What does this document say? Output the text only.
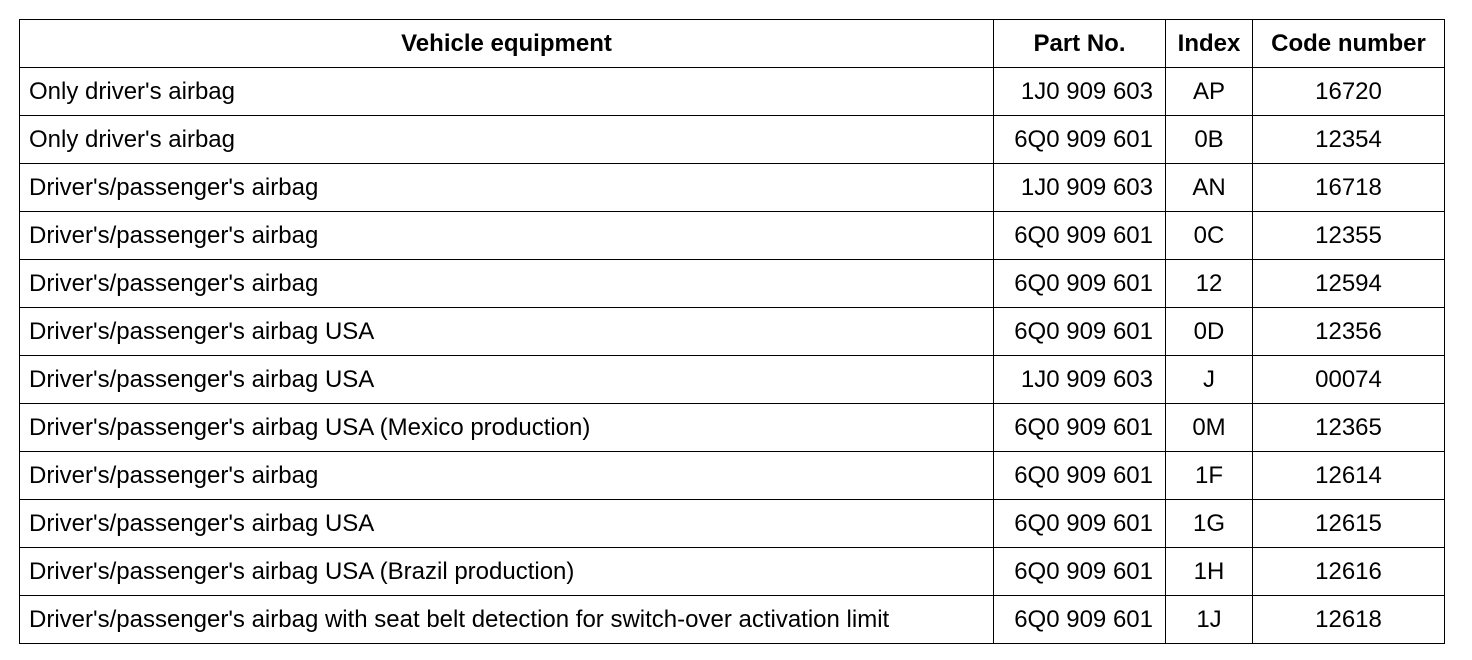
Vehicle equipment	Part No.	Index	Code number
Only driver's airbag	1J0 909 603	AP	16720
Only driver's airbag	6Q0 909 601	0B	12354
Driver's/passenger's airbag	1J0 909 603	AN	16718
Driver's/passenger's airbag	6Q0 909 601	0C	12355
Driver's/passenger's airbag	6Q0 909 601	12	12594
Driver's/passenger's airbag USA	6Q0 909 601	0D	12356
Driver's/passenger's airbag USA	1J0 909 603	J	00074
Driver's/passenger's airbag USA (Mexico production)	6Q0 909 601	0M	12365
Driver's/passenger's airbag	6Q0 909 601	1F	12614
Driver's/passenger's airbag USA	6Q0 909 601	1G	12615
Driver's/passenger's airbag USA (Brazil production)	6Q0 909 601	1H	12616
Driver's/passenger's airbag with seat belt detection for switch-over activation limit	6Q0 909 601	1J	12618
